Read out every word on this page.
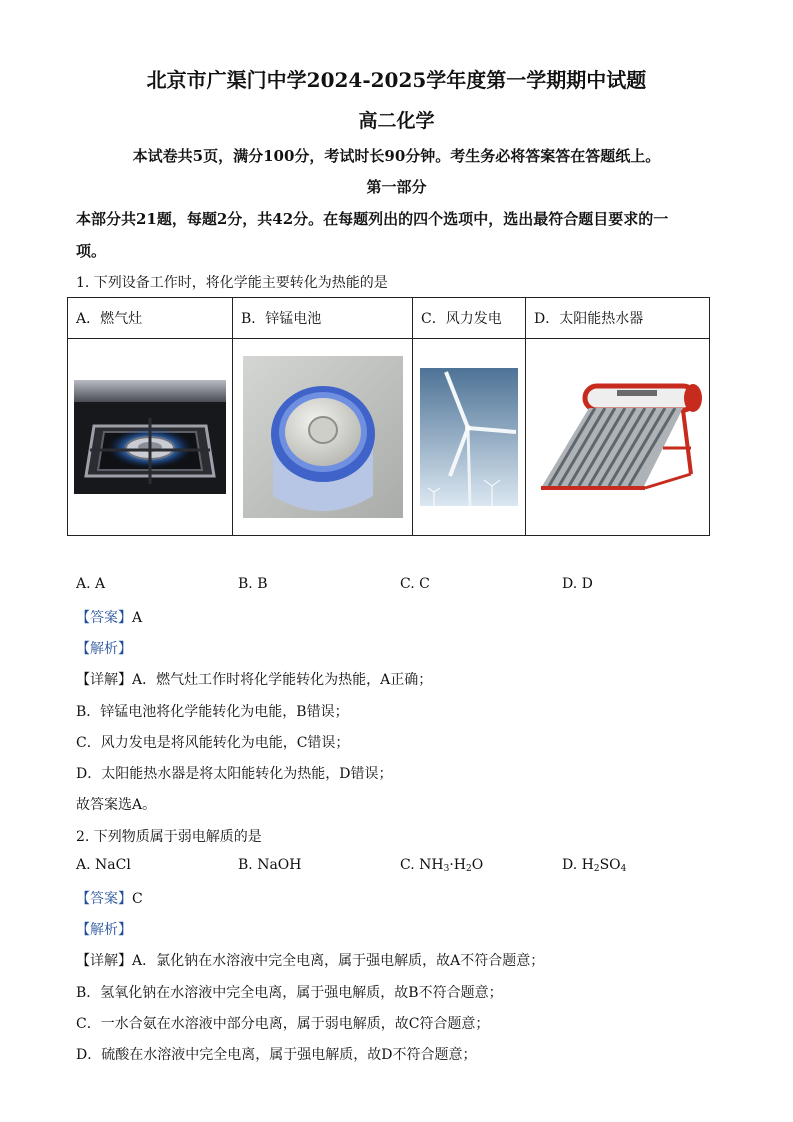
北京市广渠门中学2024-2025学年度第一学期期中试题
高二化学
本试卷共5页，满分100分，考试时长90分钟。考生务必将答案答在答题纸上。
第一部分
本部分共21题，每题2分，共42分。在每题列出的四个选项中，选出最符合题目要求的一
项。
1. 下列设备工作时，将化学能主要转化为热能的是
A．燃气灶	B．锌锰电池	C．风力发电	D．太阳能热水器

A. A	B. B	C. C	D. D
【答案】A
【解析】
【详解】A．燃气灶工作时将化学能转化为热能，A正确；
B．锌锰电池将化学能转化为电能，B错误；
C．风力发电是将风能转化为电能，C错误；
D．太阳能热水器是将太阳能转化为热能，D错误；
故答案选A。
2. 下列物质属于弱电解质的是
A. NaCl	B. NaOH	C. $NH_3\cdot H_2O$	D. $H_2SO_4$
【答案】C
【解析】
【详解】A．氯化钠在水溶液中完全电离，属于强电解质，故A不符合题意；
B．氢氧化钠在水溶液中完全电离，属于强电解质，故B不符合题意；
C．一水合氨在水溶液中部分电离，属于弱电解质，故C符合题意；
D．硫酸在水溶液中完全电离，属于强电解质，故D不符合题意；
